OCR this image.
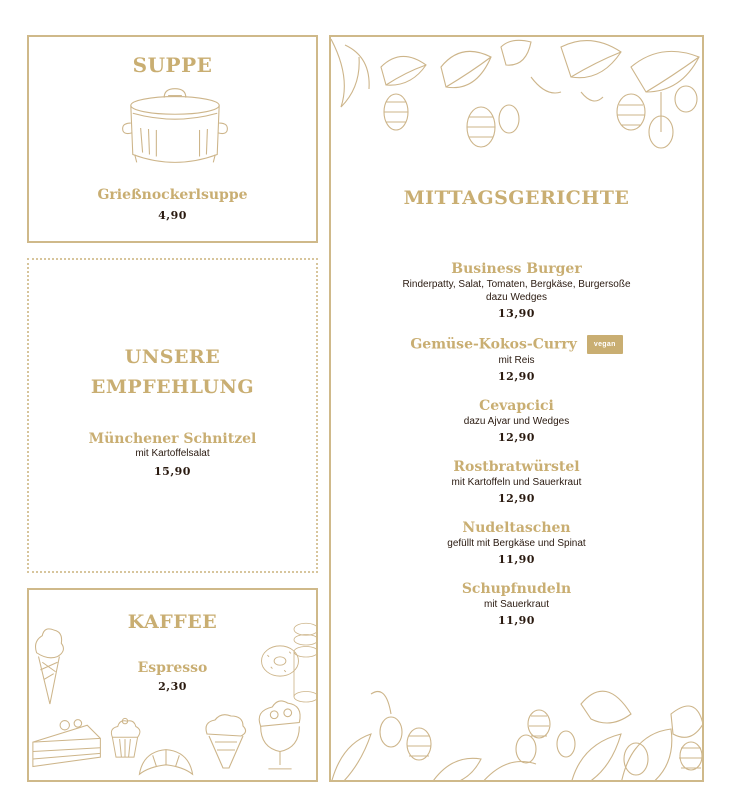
SUPPE
Grießnockerlsuppe
4,90
UNSERE
EMPFEHLUNG
Münchener Schnitzel
mit Kartoffelsalat
15,90
KAFFEE
Espresso
2,30
MITTAGSGERICHTE
Business Burger
Rinderpatty, Salat, Tomaten, Bergkäse, Burgersoße
dazu Wedges
13,90
Gemüse-Kokos-Curry vegan
mit Reis
12,90
Cevapcici
dazu Ajvar und Wedges
12,90
Rostbratwürstel
mit Kartoffeln und Sauerkraut
12,90
Nudeltaschen
gefüllt mit Bergkäse und Spinat
11,90
Schupfnudeln
mit Sauerkraut
11,90
